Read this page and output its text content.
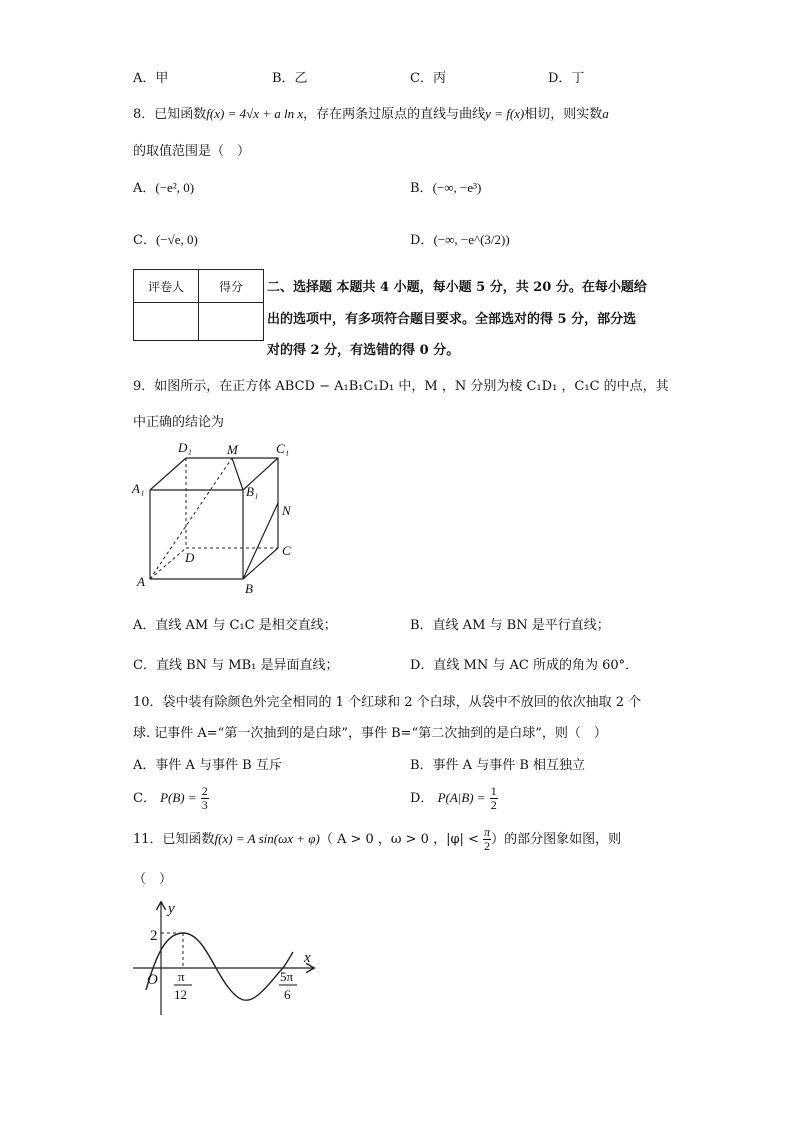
A．甲	B．乙	C．丙	D．丁
8．已知函数f(x) = 4√x + a ln x，存在两条过原点的直线与曲线y = f(x)相切，则实数a
的取值范围是（　）
A．(−e², 0)	B．(−∞, −e³)
C．(−√e, 0)	D．(−∞, −e^(3/2))
评卷人	得分
	二、选择题 本题共 4 小题，每小题 5 分，共 20 分。在每小题给
出的选项中，有多项符合题目要求。全部选对的得 5 分，部分选
对的得 2 分，有选错的得 0 分。
9．如图所示，在正方体 ABCD − A₁B₁C₁D₁ 中，M ，N 分别为棱 C₁D₁ ，C₁C 的中点，其
中正确的结论为
D₁	M	C₁
A₁	B₁
N
C
D
A	B
A．直线 AM 与 C₁C 是相交直线；	B．直线 AM 与 BN 是平行直线；
C．直线 BN 与 MB₁ 是异面直线；	D．直线 MN 与 AC 所成的角为 60°．
10．袋中装有除颜色外完全相同的 1 个红球和 2 个白球，从袋中不放回的依次抽取 2 个
球. 记事件 A=“第一次抽到的是白球”，事件 B=“第二次抽到的是白球”，则（　）
A．事件 A 与事件 B 互斥	B．事件 A 与事件 B 相互独立
C． $P(B) = \frac{2}{3}$	D． $P(A|B) = \frac{1}{2}$
11．已知函数f(x) = A sin(ωx + φ)（ A > 0 ，ω > 0 ，$|\varphi| < \frac{\pi}{2}$ ）的部分图象如图，则
（　）
y
x
O
2
π
12
5π
6
